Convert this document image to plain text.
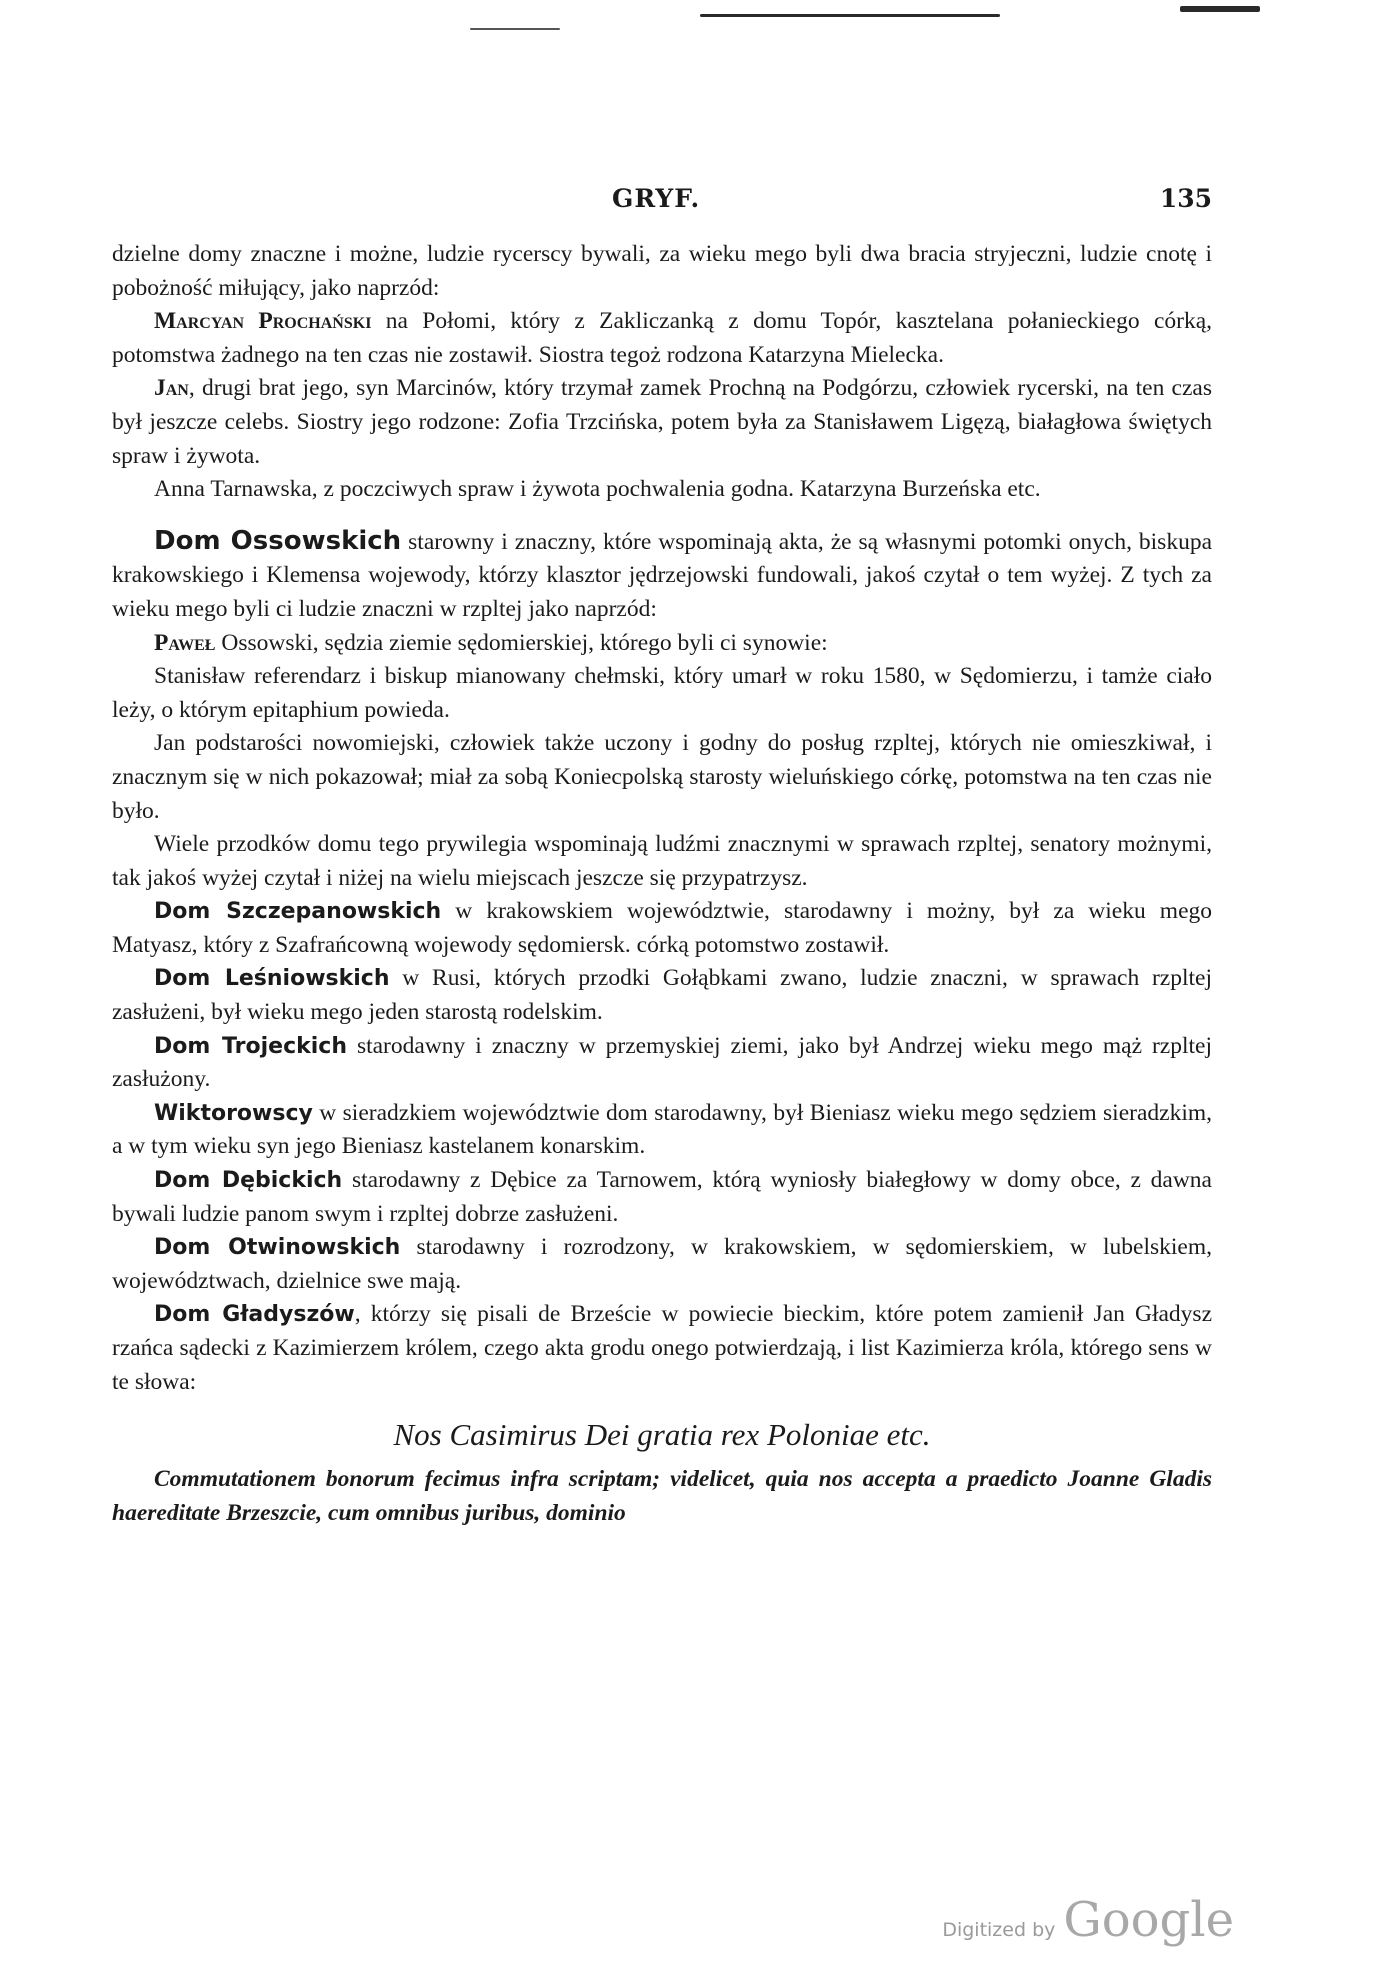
GRYF.	135

dzielne domy znaczne i możne, ludzie rycerscy bywali, za wieku mego byli dwa bracia stryjeczni, ludzie cnotę i pobożność miłujący, jako naprzód:

Marcyan Prochański na Połomi, który z Zakliczanką z domu Topór, kasztelana połanieckiego córką, potomstwa żadnego na ten czas nie zostawił. Siostra tegoż rodzona Katarzyna Mielecka.

Jan, drugi brat jego, syn Marcinów, który trzymał zamek Prochną na Podgórzu, człowiek rycerski, na ten czas był jeszcze celebs. Siostry jego rodzone: Zofia Trzcińska, potem była za Stanisławem Ligęzą, białagłowa świętych spraw i żywota.

Anna Tarnawska, z poczciwych spraw i żywota pochwalenia godna. Katarzyna Burzeńska etc.

Dom Ossowskich starowny i znaczny, które wspominają akta, że są własnymi potomki onych, biskupa krakowskiego i Klemensa wojewody, którzy klasztor jędrzejowski fundowali, jakoś czytał o tem wyżej. Z tych za wieku mego byli ci ludzie znaczni w rzpltej jako naprzód:

Paweł Ossowski, sędzia ziemie sędomierskiej, którego byli ci synowie:

Stanisław referendarz i biskup mianowany chełmski, który umarł w roku 1580, w Sędomierzu, i tamże ciało leży, o którym epitaphium powieda.

Jan podstarości nowomiejski, człowiek także uczony i godny do posług rzpltej, których nie omieszkiwał, i znacznym się w nich pokazował; miał za sobą Koniecpolską starosty wieluńskiego córkę, potomstwa na ten czas nie było.

Wiele przodków domu tego prywilegia wspominają ludźmi znacznymi w sprawach rzpltej, senatory możnymi, tak jakoś wyżej czytał i niżej na wielu miejscach jeszcze się przypatrzysz.

Dom Szczepanowskich w krakowskiem województwie, starodawny i możny, był za wieku mego Matyasz, który z Szafrańcowną wojewody sędomiersk. córką potomstwo zostawił.

Dom Leśniowskich w Rusi, których przodki Gołąbkami zwano, ludzie znaczni, w sprawach rzpltej zasłużeni, był wieku mego jeden starostą rodelskim.

Dom Trojeckich starodawny i znaczny w przemyskiej ziemi, jako był Andrzej wieku mego mąż rzpltej zasłużony.

Wiktorowscy w sieradzkiem województwie dom starodawny, był Bieniasz wieku mego sędziem sieradzkim, a w tym wieku syn jego Bieniasz kastelanem konarskim.

Dom Dębickich starodawny z Dębice za Tarnowem, którą wyniosły białegłowy w domy obce, z dawna bywali ludzie panom swym i rzpltej dobrze zasłużeni.

Dom Otwinowskich starodawny i rozrodzony, w krakowskiem, w sędomierskiem, w lubelskiem, województwach, dzielnice swe mają.

Dom Gładyszów, którzy się pisali de Brzeście w powiecie bieckim, które potem zamienił Jan Gładysz rzańca sądecki z Kazimierzem królem, czego akta grodu onego potwierdzają, i list Kazimierza króla, którego sens w te słowa:

Nos Casimirus Dei gratia rex Poloniae etc.

Commutationem bonorum fecimus infra scriptam; videlicet, quia nos accepta a praedicto Joanne Gladis haereditate Brzeszcie, cum omnibus juribus, dominio

Digitized by Google
